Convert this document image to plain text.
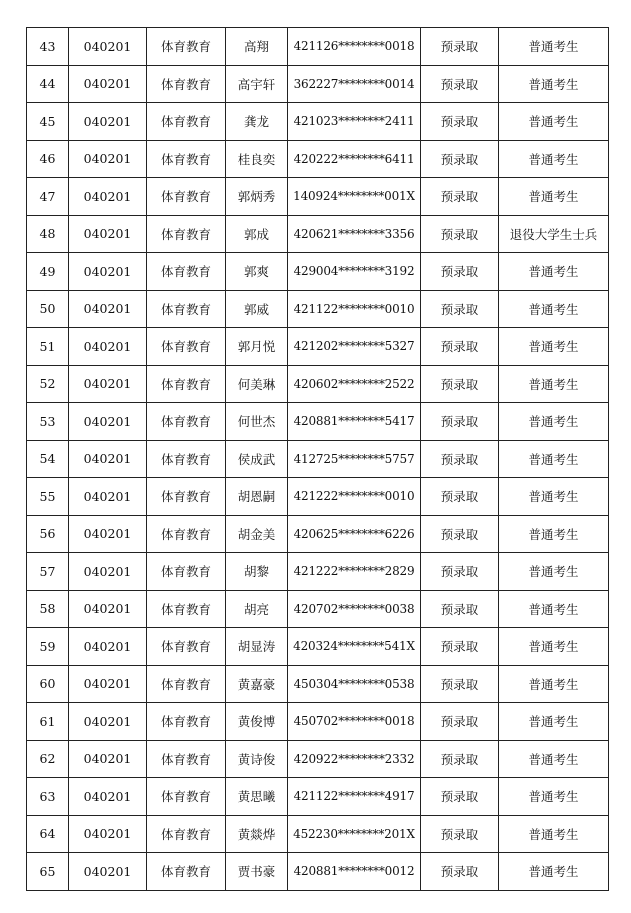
43	040201	体育教育	高翔	421126********0018	预录取	普通考生
44	040201	体育教育	高宇轩	362227********0014	预录取	普通考生
45	040201	体育教育	龚龙	421023********2411	预录取	普通考生
46	040201	体育教育	桂良奕	420222********6411	预录取	普通考生
47	040201	体育教育	郭炳秀	140924********001X	预录取	普通考生
48	040201	体育教育	郭成	420621********3356	预录取	退役大学生士兵
49	040201	体育教育	郭爽	429004********3192	预录取	普通考生
50	040201	体育教育	郭威	421122********0010	预录取	普通考生
51	040201	体育教育	郭月悦	421202********5327	预录取	普通考生
52	040201	体育教育	何美琳	420602********2522	预录取	普通考生
53	040201	体育教育	何世杰	420881********5417	预录取	普通考生
54	040201	体育教育	侯成武	412725********5757	预录取	普通考生
55	040201	体育教育	胡恩嗣	421222********0010	预录取	普通考生
56	040201	体育教育	胡金美	420625********6226	预录取	普通考生
57	040201	体育教育	胡黎	421222********2829	预录取	普通考生
58	040201	体育教育	胡亮	420702********0038	预录取	普通考生
59	040201	体育教育	胡显涛	420324********541X	预录取	普通考生
60	040201	体育教育	黄嘉豪	450304********0538	预录取	普通考生
61	040201	体育教育	黄俊博	450702********0018	预录取	普通考生
62	040201	体育教育	黄诗俊	420922********2332	预录取	普通考生
63	040201	体育教育	黄思曦	421122********4917	预录取	普通考生
64	040201	体育教育	黄燚烨	452230********201X	预录取	普通考生
65	040201	体育教育	贾书豪	420881********0012	预录取	普通考生
